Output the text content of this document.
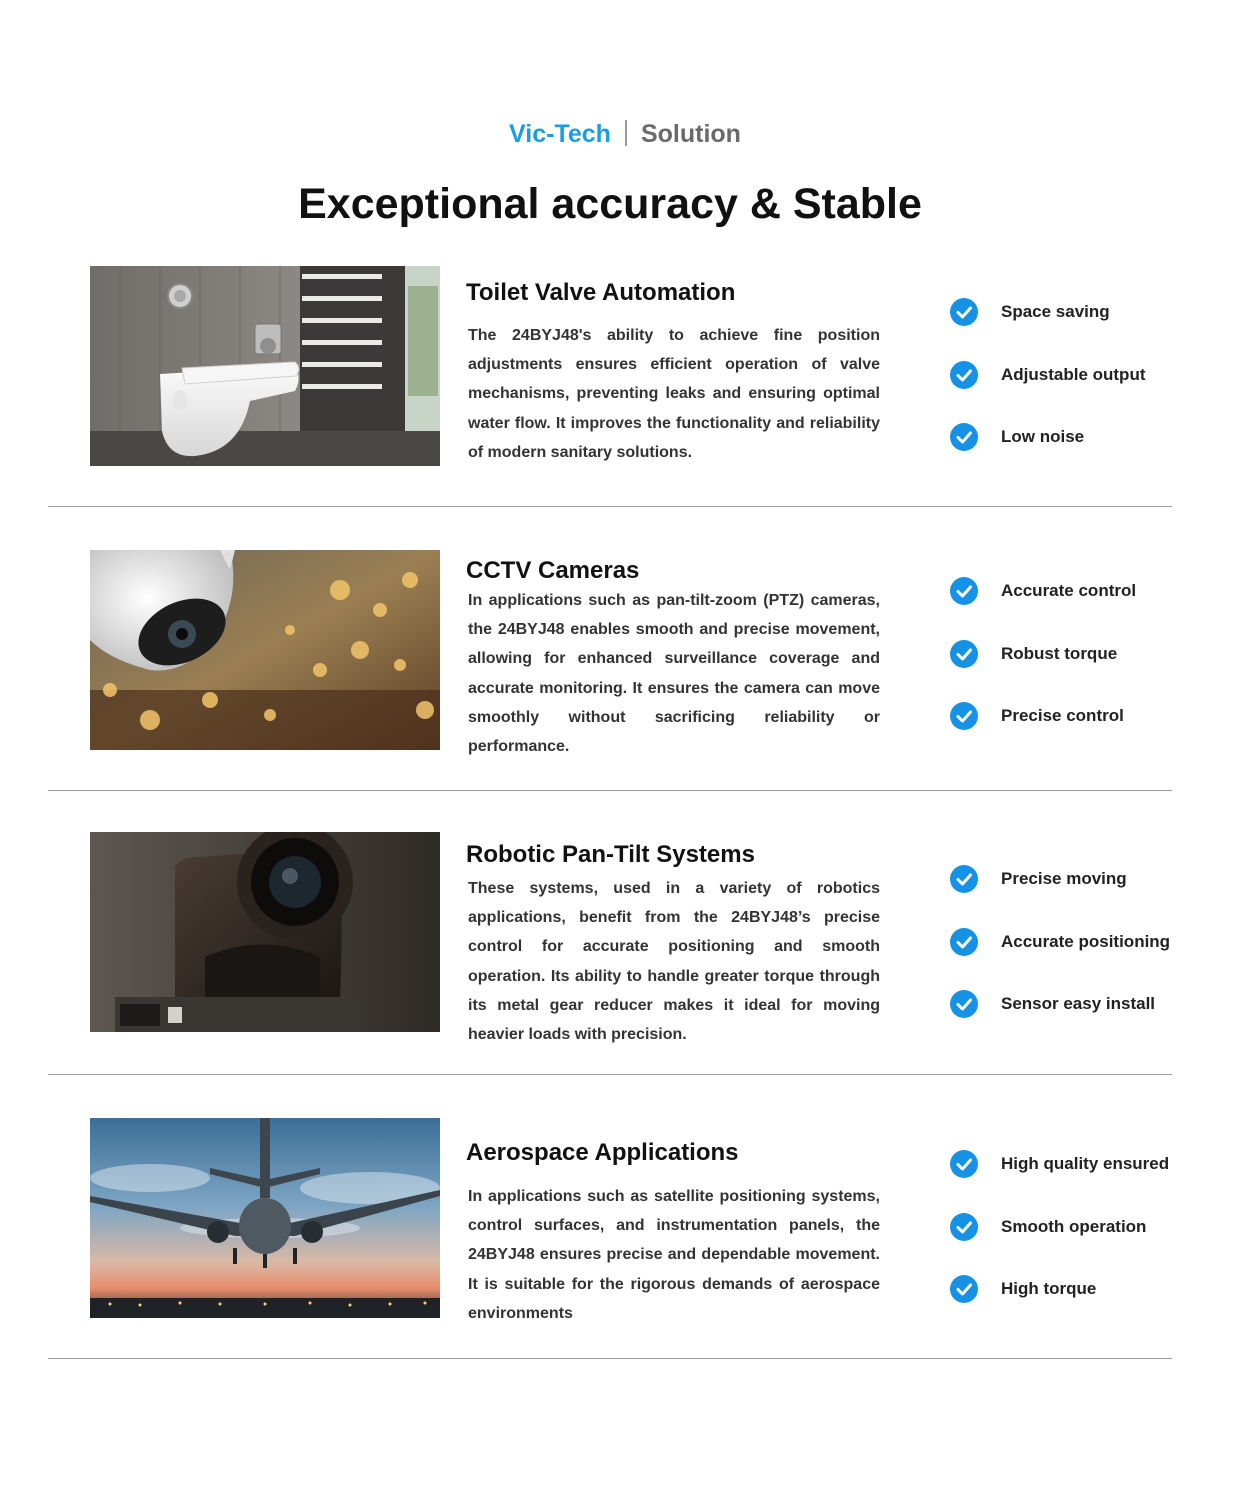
Vic-Tech Solution
Exceptional accuracy & Stable
Toilet Valve Automation

The 24BYJ48's ability to achieve fine position adjustments ensures efficient operation of valve mechanisms, preventing leaks and ensuring optimal water flow. It improves the functionality and reliability of modern sanitary solutions.

Space saving
Adjustable output
Low noise
CCTV Cameras

In applications such as pan-tilt-zoom (PTZ) cameras, the 24BYJ48 enables smooth and precise movement, allowing for enhanced surveillance coverage and accurate monitoring. It ensures the camera can move smoothly without sacrificing reliability or performance.

Accurate control
Robust torque
Precise control
Robotic Pan-Tilt Systems

These systems, used in a variety of robotics applications, benefit from the 24BYJ48’s precise control for accurate positioning and smooth operation. Its ability to handle greater torque through its metal gear reducer makes it ideal for moving heavier loads with precision.

Precise moving
Accurate positioning
Sensor easy install
Aerospace Applications

In applications such as satellite positioning systems, control surfaces, and instrumentation panels, the 24BYJ48 ensures precise and dependable movement. It is suitable for the rigorous demands of aerospace environments

High quality ensured
Smooth operation
High torque
